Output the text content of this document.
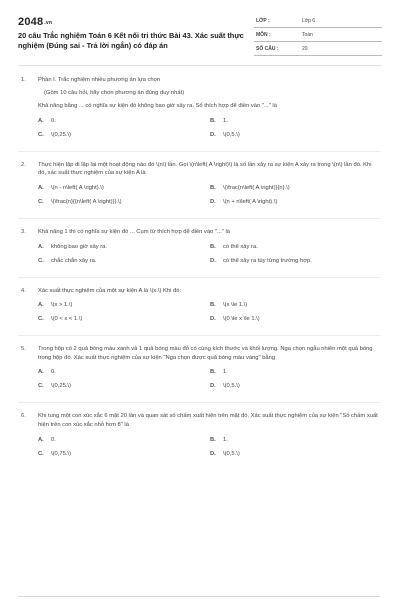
2048.vn
20 câu Trắc nghiệm Toán 6 Kết nối tri thức Bài 43. Xác suất thực nghiệm (Đúng sai - Trả lời ngắn) có đáp án
LỚP :	Lớp 6
MÔN :	Toán
SỐ CÂU :	20
1. Phần I. Trắc nghiệm nhiều phương án lựa chọn
(Gồm 10 câu hỏi, hãy chọn phương án đúng duy nhất)
Khả năng bằng ... có nghĩa sự kiện đó không bao giờ xảy ra. Số thích hợp để điền vào "..." là
A. 0.	B. 1.
C. \(0,25.\)	D. \(0,5.\)
2. Thực hiện lặp đi lặp lại một hoạt động nào đó \(n\) lần. Gọi \(n\left( A \right)\) là số lần xảy ra sự kiện A xảy ra trong \(n\) lần đó. Khi đó, xác suất thực nghiệm của sự kiện A là
A. \(n - n\left( A \right).\)	B. \(\frac{n\left( A \right)}{n}.\)
C. \(\frac{n}{{n\left( A \right)}}.\)	D. \(n + n\left( A \right).\)
3. Khả năng 1 thì có nghĩa sự kiện đó ... Cụm từ thích hợp để điền vào "..." là
A. không bao giờ xảy ra.	B. có thể xảy ra.
C. chắc chắn xảy ra.	D. có thể xảy ra tùy từng trường hợp.
4. Xác suất thực nghiệm của một sự kiện A là \(x.\) Khi đó:
A. \(x > 1.\)	B. \(x \le 1.\)
C. \(0 < x < 1.\)	D. \(0 \le x \le 1.\)
5. Trong hộp có 2 quả bóng màu xanh và 1 quả bóng màu đỏ có cùng kích thước và khối lượng. Nga chọn ngẫu nhiên một quả bóng trong hộp đó. Xác suất thực nghiệm của sự kiện "Nga chọn được quả bóng màu vàng" bằng
A. 0.	B. 1.
C. \(0,25.\)	D. \(0,5.\)
6. Khi tung một con xúc xắc 6 mặt 20 lần và quan sát số chấm xuất hiện trên mặt đó. Xác suất thực nghiệm của sự kiện "Số chấm xuất hiện trên con xúc xắc nhỏ hơn 8" là
A. 0.	B. 1.
C. \(0,75.\)	D. \(0,5.\)
